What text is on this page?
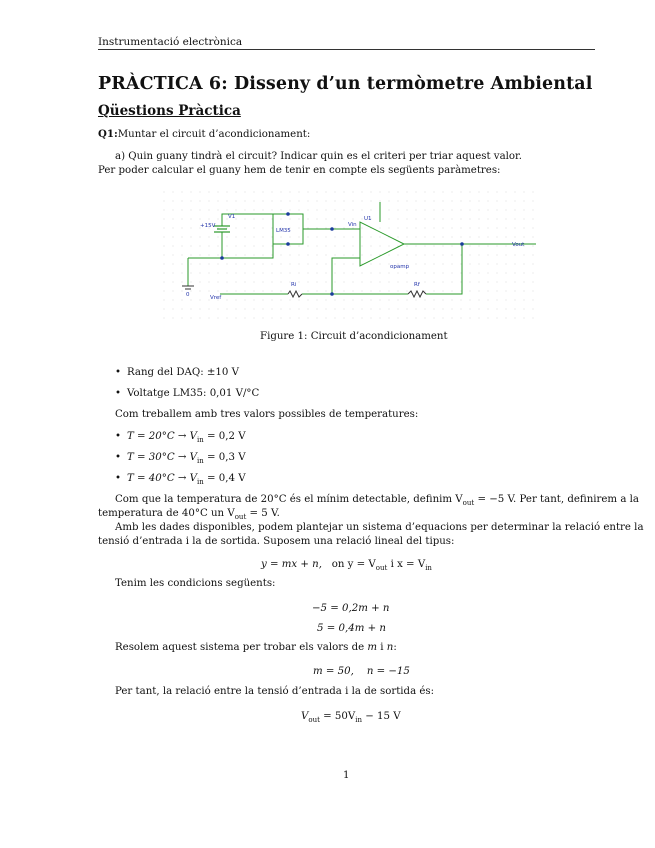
Instrumentació electrònica
PRÀCTICA 6: Disseny d’un termòmetre Ambiental
Qüestions Pràctica
Q1:Muntar el circuit d’acondicionament:
a) Quin guany tindrà el circuit? Indicar quin es el criteri per triar aquest valor.
Per poder calcular el guany hem de tenir en compte els següents paràmetres:
V1
+15V
LM35
Vin
U1
opamp
Vout
Ri	Rf
Vref
0
Figure 1: Circuit d’acondicionament
• Rang del DAQ: ±10 V
• Voltatge LM35: 0,01 V/°C
Com treballem amb tres valors possibles de temperatures:
• $T = 20^\circ C \to V_{in} = 0,2$ V
• $T = 30^\circ C \to V_{in} = 0,3$ V
• $T = 40^\circ C \to V_{in} = 0,4$ V
Com que la temperatura de 20°C és el mínim detectable, definim $V_{out} = -5$ V. Per tant, definirem a la
temperatura de 40°C un $V_{out} = 5$ V.
Amb les dades disponibles, podem plantejar un sistema d’equacions per determinar la relació entre la
tensió d’entrada i la de sortida. Suposem una relació lineal del tipus:
y = mx + n, on $y = V_{out}$ i $x = V_{in}$
Tenim les condicions següents:
−5 = 0,2m + n
5 = 0,4m + n
Resolem aquest sistema per trobar els valors de m i n:
m = 50,    n = −15
Per tant, la relació entre la tensió d’entrada i la de sortida és:
$V_{out} = 50V_{in} - 15$ V
1
